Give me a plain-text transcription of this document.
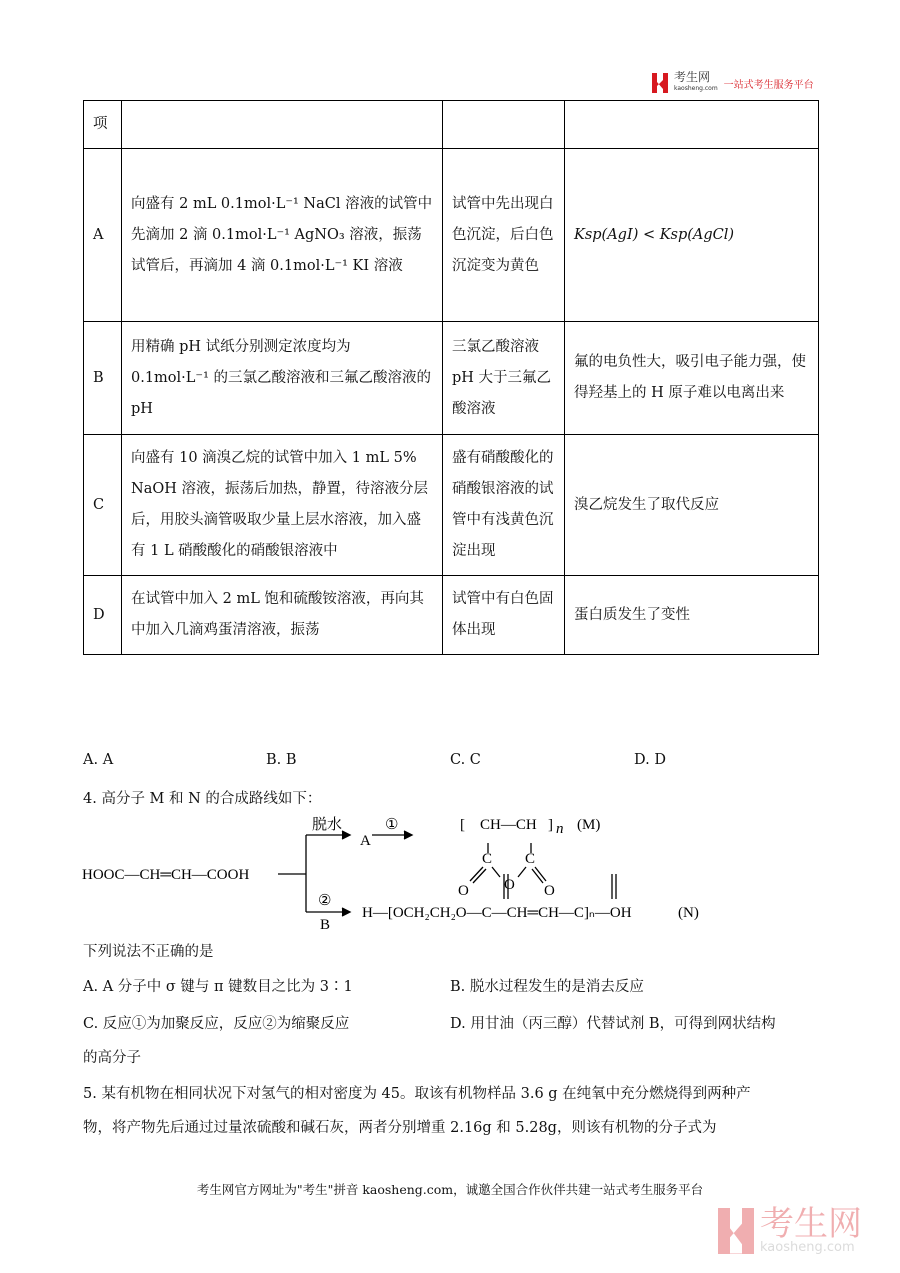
考生网
kaosheng.com 一站式考生服务平台
项			
A	向盛有 2 mL 0.1mol·L⁻¹ NaCl 溶液的试管中先滴加 2 滴 0.1mol·L⁻¹ AgNO₃ 溶液，振荡试管后，再滴加 4 滴 0.1mol·L⁻¹ KI 溶液	试管中先出现白色沉淀，后白色沉淀变为黄色	Ksp(AgI) < Ksp(AgCl)
B	用精确 pH 试纸分别测定浓度均为 0.1mol·L⁻¹ 的三氯乙酸溶液和三氟乙酸溶液的 pH	三氯乙酸溶液 pH 大于三氟乙酸溶液	氟的电负性大，吸引电子能力强，使得羟基上的 H 原子难以电离出来
C	向盛有 10 滴溴乙烷的试管中加入 1 mL 5% NaOH 溶液，振荡后加热，静置，待溶液分层后，用胶头滴管吸取少量上层水溶液，加入盛有 1 L 硝酸酸化的硝酸银溶液中	盛有硝酸酸化的硝酸银溶液的试管中有浅黄色沉淀出现	溴乙烷发生了取代反应
D	在试管中加入 2 mL 饱和硫酸铵溶液，再向其中加入几滴鸡蛋清溶液，振荡	试管中有白色固体出现	蛋白质发生了变性
A. A	B. B	C. C	D. D
4. 高分子 M 和 N 的合成路线如下：
HOOC—CH═CH—COOH
脱水
A
①
②
B
[ CH—CH ] n (M)
C C
O O O
H—[OCH₂CH₂O—C—CH═CH—C]ₙ—OH	(N)
下列说法不正确的是
A. A 分子中 σ 键与 π 键数目之比为 3∶1	B. 脱水过程发生的是消去反应
C. 反应①为加聚反应，反应②为缩聚反应	D. 用甘油（丙三醇）代替试剂 B，可得到网状结构
的高分子
5. 某有机物在相同状况下对氢气的相对密度为 45。取该有机物样品 3.6 g 在纯氧中充分燃烧得到两种产
物，将产物先后通过过量浓硫酸和碱石灰，两者分别增重 2.16g 和 5.28g，则该有机物的分子式为
考生网官方网址为"考生"拼音 kaosheng.com，诚邀全国合作伙伴共建一站式考生服务平台
考生网
kaosheng.com
